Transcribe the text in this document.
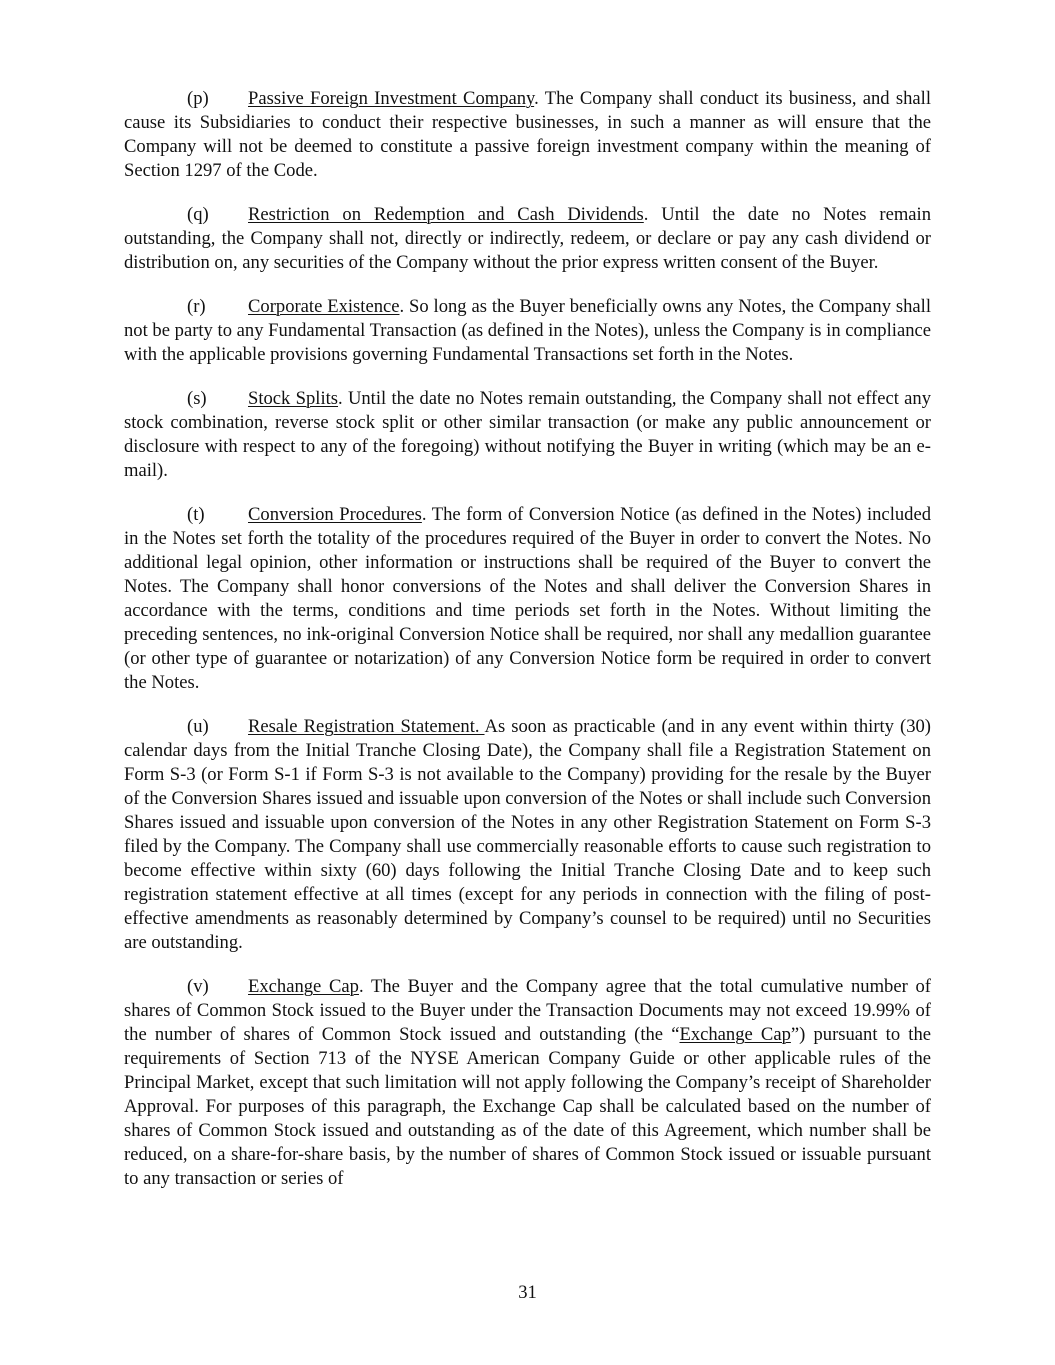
(p) Passive Foreign Investment Company. The Company shall conduct its business, and shall cause its Subsidiaries to conduct their respective businesses, in such a manner as will ensure that the Company will not be deemed to constitute a passive foreign investment company within the meaning of Section 1297 of the Code.

(q) Restriction on Redemption and Cash Dividends. Until the date no Notes remain outstanding, the Company shall not, directly or indirectly, redeem, or declare or pay any cash dividend or distribution on, any securities of the Company without the prior express written consent of the Buyer.

(r) Corporate Existence. So long as the Buyer beneficially owns any Notes, the Company shall not be party to any Fundamental Transaction (as defined in the Notes), unless the Company is in compliance with the applicable provisions governing Fundamental Transactions set forth in the Notes.

(s) Stock Splits. Until the date no Notes remain outstanding, the Company shall not effect any stock combination, reverse stock split or other similar transaction (or make any public announcement or disclosure with respect to any of the foregoing) without notifying the Buyer in writing (which may be an e-mail).

(t) Conversion Procedures. The form of Conversion Notice (as defined in the Notes) included in the Notes set forth the totality of the procedures required of the Buyer in order to convert the Notes. No additional legal opinion, other information or instructions shall be required of the Buyer to convert the Notes. The Company shall honor conversions of the Notes and shall deliver the Conversion Shares in accordance with the terms, conditions and time periods set forth in the Notes. Without limiting the preceding sentences, no ink-original Conversion Notice shall be required, nor shall any medallion guarantee (or other type of guarantee or notarization) of any Conversion Notice form be required in order to convert the Notes.

(u) Resale Registration Statement. As soon as practicable (and in any event within thirty (30) calendar days from the Initial Tranche Closing Date), the Company shall file a Registration Statement on Form S-3 (or Form S-1 if Form S-3 is not available to the Company) providing for the resale by the Buyer of the Conversion Shares issued and issuable upon conversion of the Notes or shall include such Conversion Shares issued and issuable upon conversion of the Notes in any other Registration Statement on Form S-3 filed by the Company. The Company shall use commercially reasonable efforts to cause such registration to become effective within sixty (60) days following the Initial Tranche Closing Date and to keep such registration statement effective at all times (except for any periods in connection with the filing of post-effective amendments as reasonably determined by Company’s counsel to be required) until no Securities are outstanding.

(v) Exchange Cap. The Buyer and the Company agree that the total cumulative number of shares of Common Stock issued to the Buyer under the Transaction Documents may not exceed 19.99% of the number of shares of Common Stock issued and outstanding (the “Exchange Cap”) pursuant to the requirements of Section 713 of the NYSE American Company Guide or other applicable rules of the Principal Market, except that such limitation will not apply following the Company’s receipt of Shareholder Approval. For purposes of this paragraph, the Exchange Cap shall be calculated based on the number of shares of Common Stock issued and outstanding as of the date of this Agreement, which number shall be reduced, on a share-for-share basis, by the number of shares of Common Stock issued or issuable pursuant to any transaction or series of

31
